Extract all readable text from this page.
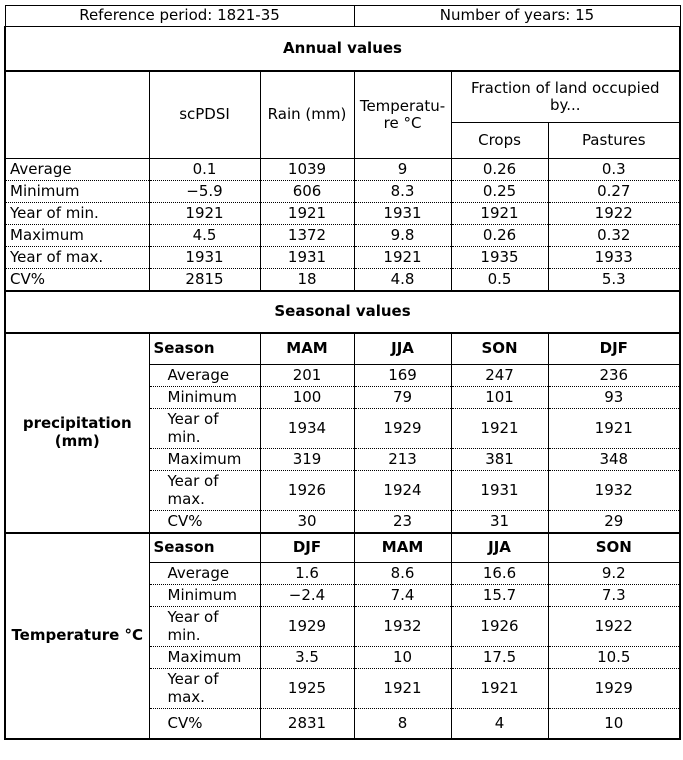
Reference period: 1821-35			Number of years: 15		
Annual values					
	scPDSI	Rain (mm)	Temperatu-re °C	Fraction of land occupied by...	
				Crops	Pastures
Average	0.1	1039	9	0.26	0.3
Minimum	−5.9	606	8.3	0.25	0.27
Year of min.	1921	1921	1931	1921	1922
Maximum	4.5	1372	9.8	0.26	0.32
Year of max.	1931	1931	1921	1935	1933
CV%	2815	18	4.8	0.5	5.3
Seasonal values					
precipitation (mm)	Season	MAM	JJA	SON	DJF
	Average	201	169	247	236
	Minimum	100	79	101	93
	Year of min.	1934	1929	1921	1921
	Maximum	319	213	381	348
	Year of max.	1926	1924	1931	1932
	CV%	30	23	31	29
Temperature °C	Season	DJF	MAM	JJA	SON
	Average	1.6	8.6	16.6	9.2
	Minimum	−2.4	7.4	15.7	7.3
	Year of min.	1929	1932	1926	1922
	Maximum	3.5	10	17.5	10.5
	Year of max.	1925	1921	1921	1929
	CV%	2831	8	4	10
